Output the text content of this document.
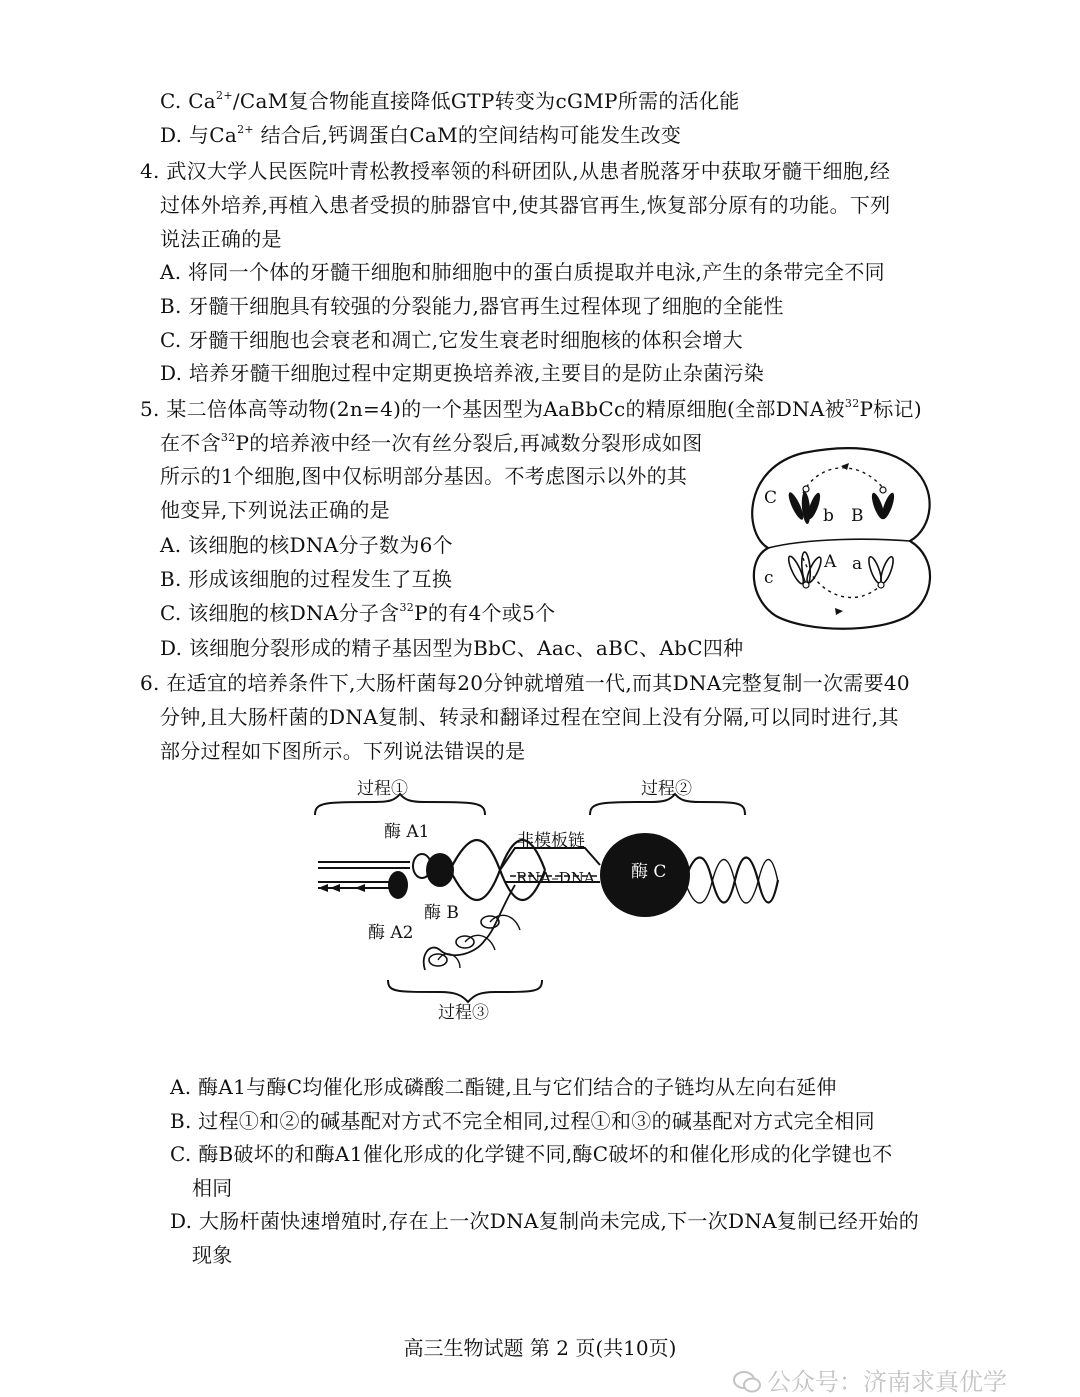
C. $Ca^{2+}$/CaM复合物能直接降低GTP转变为cGMP所需的活化能
D. 与$Ca^{2+}$ 结合后,钙调蛋白CaM的空间结构可能发生改变
4. 武汉大学人民医院叶青松教授率领的科研团队,从患者脱落牙中获取牙髓干细胞,经
过体外培养,再植入患者受损的肺器官中,使其器官再生,恢复部分原有的功能。下列
说法正确的是
A. 将同一个体的牙髓干细胞和肺细胞中的蛋白质提取并电泳,产生的条带完全不同
B. 牙髓干细胞具有较强的分裂能力,器官再生过程体现了细胞的全能性
C. 牙髓干细胞也会衰老和凋亡,它发生衰老时细胞核的体积会增大
D. 培养牙髓干细胞过程中定期更换培养液,主要目的是防止杂菌污染
5. 某二倍体高等动物(2n=4)的一个基因型为AaBbCc的精原细胞(全部DNA被$^{32}$P标记)
在不含$^{32}$P的培养液中经一次有丝分裂后,再减数分裂形成如图
所示的1个细胞,图中仅标明部分基因。不考虑图示以外的其
他变异,下列说法正确的是
A. 该细胞的核DNA分子数为6个
B. 形成该细胞的过程发生了互换
C. 该细胞的核DNA分子含$^{32}$P的有4个或5个
D. 该细胞分裂形成的精子基因型为BbC、Aac、aBC、AbC四种
C
b B
A
c
a
6. 在适宜的培养条件下,大肠杆菌每20分钟就增殖一代,而其DNA完整复制一次需要40
分钟,且大肠杆菌的DNA复制、转录和翻译过程在空间上没有分隔,可以同时进行,其
部分过程如下图所示。下列说法错误的是
过程①	过程②
过程③
酶 A1
酶 B
酶 A2
非模板链
RNA–DNA 酶 C
A. 酶A1与酶C均催化形成磷酸二酯键,且与它们结合的子链均从左向右延伸
B. 过程①和②的碱基配对方式不完全相同,过程①和③的碱基配对方式完全相同
C. 酶B破坏的和酶A1催化形成的化学键不同,酶C破坏的和催化形成的化学键也不
相同
D. 大肠杆菌快速增殖时,存在上一次DNA复制尚未完成,下一次DNA复制已经开始的
现象
高三生物试题 第 2 页(共10页)
公众号：济南求真优学
